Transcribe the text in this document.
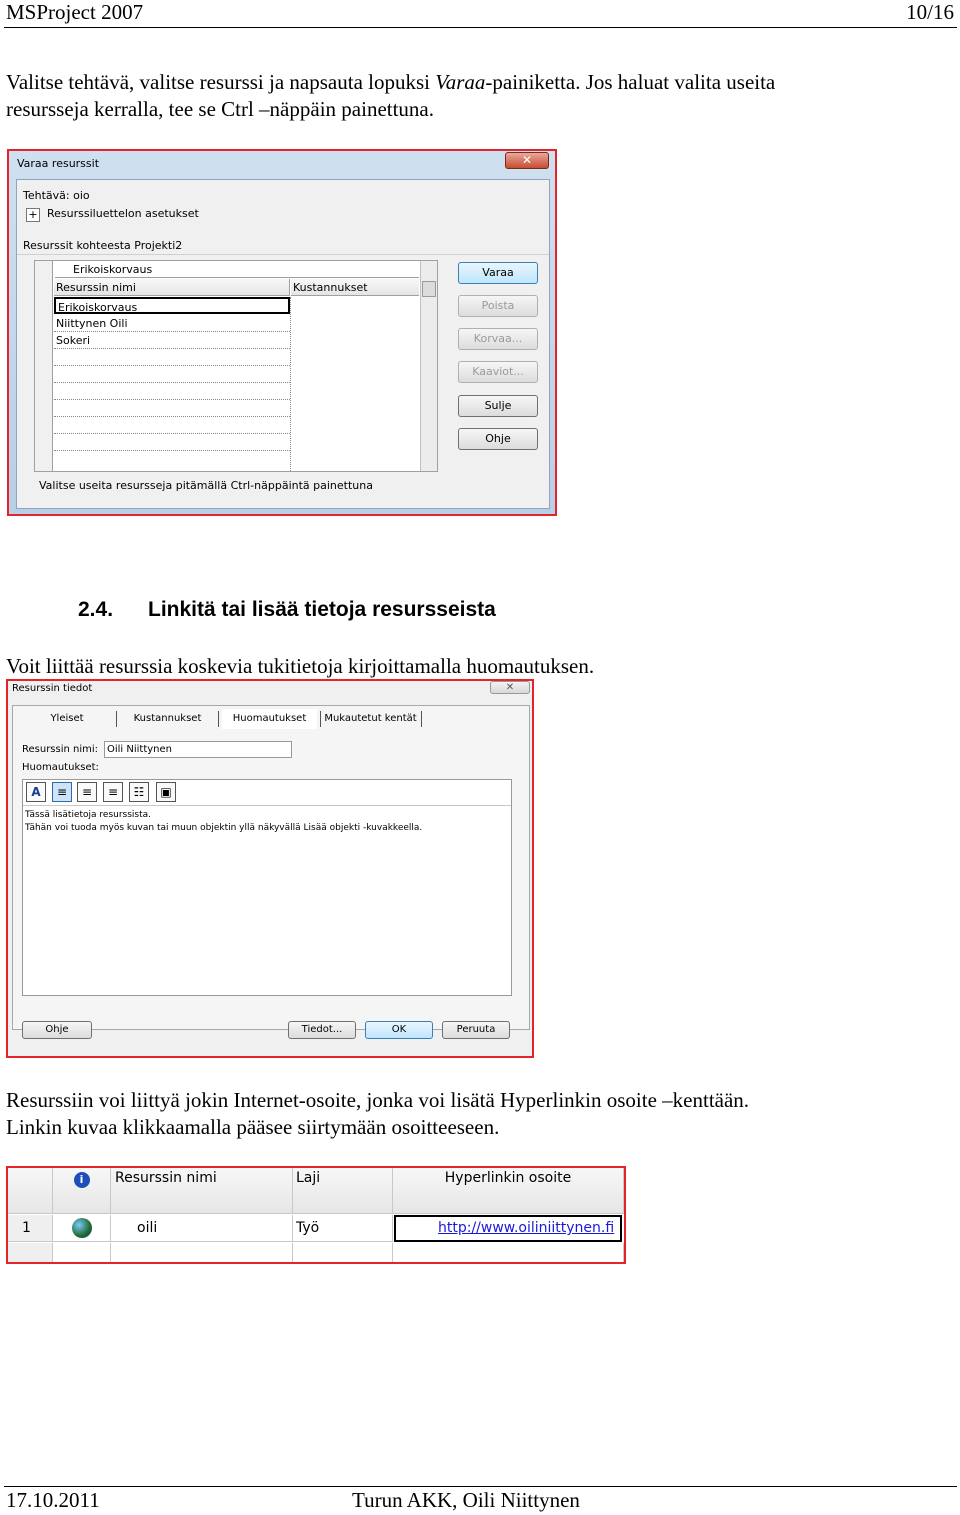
MSProject 2007	10/16
Valitse tehtävä, valitse resurssi ja napsauta lopuksi Varaa-painiketta. Jos haluat valita useita
resursseja kerralla, tee se Ctrl –näppäin painettuna.
Varaa resurssit	✕
Tehtävä: oio
+ Resurssiluettelon asetukset
Resurssit kohteesta Projekti2
Erikoiskorvaus
Resurssin nimi	Kustannukset
Erikoiskorvaus
Niittynen Oili
Sokeri
Varaa
Poista
Korvaa...
Kaaviot...
Sulje
Ohje
Valitse useita resursseja pitämällä Ctrl-näppäintä painettuna
2.4. Linkitä tai lisää tietoja resursseista
Voit liittää resurssia koskevia tukitietoja kirjoittamalla huomautuksen.
Resurssin tiedot	✕
Yleiset	Kustannukset	Huomautukset	Mukautetut kentät
Resurssin nimi: Oili Niittynen
Huomautukset:
Tässä lisätietoja resurssista.
Tähän voi tuoda myös kuvan tai muun objektin yllä näkyvällä Lisää objekti -kuvakkeella.
A	≡	≡	≡	☷	▣
Ohje	Tiedot...	OK	Peruuta
Resurssiin voi liittyä jokin Internet-osoite, jonka voi lisätä Hyperlinkin osoite –kenttään.
Linkin kuvaa klikkaamalla pääsee siirtymään osoitteeseen.
i	Resurssin nimi	Laji	Hyperlinkin osoite
1	oili	Työ	http://www.oiliniittynen.fi
17.10.2011	Turun AKK, Oili Niittynen
